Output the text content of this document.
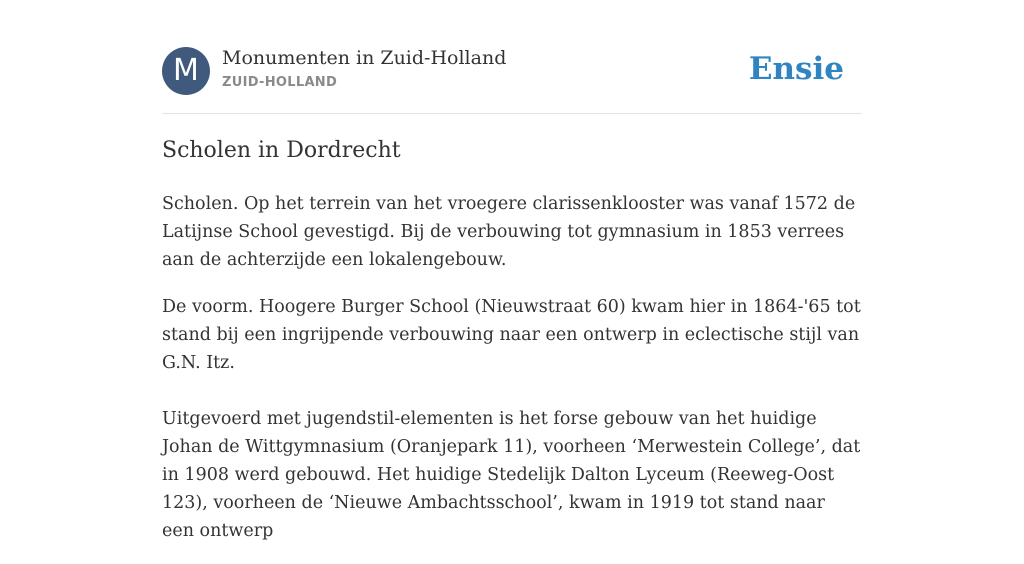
M	Monumenten in Zuid-Holland
ZUID-HOLLAND	Ensie
Scholen in Dordrecht

Scholen. Op het terrein van het vroegere clarissenklooster was vanaf 1572 de Latijnse School gevestigd. Bij de verbouwing tot gymnasium in 1853 verrees aan de achterzijde een lokalengebouw.

De voorm. Hoogere Burger School (Nieuwstraat 60) kwam hier in 1864-'65 tot stand bij een ingrijpende verbouwing naar een ontwerp in eclectische stijl van G.N. Itz.

Uitgevoerd met jugendstil-elementen is het forse gebouw van het huidige Johan de Wittgymnasium (Oranjepark 11), voorheen ‘Merwestein College’, dat in 1908 werd gebouwd. Het huidige Stedelijk Dalton Lyceum (Reeweg-Oost 123), voorheen de ‘Nieuwe Ambachtsschool’, kwam in 1919 tot stand naar een ontwerp
